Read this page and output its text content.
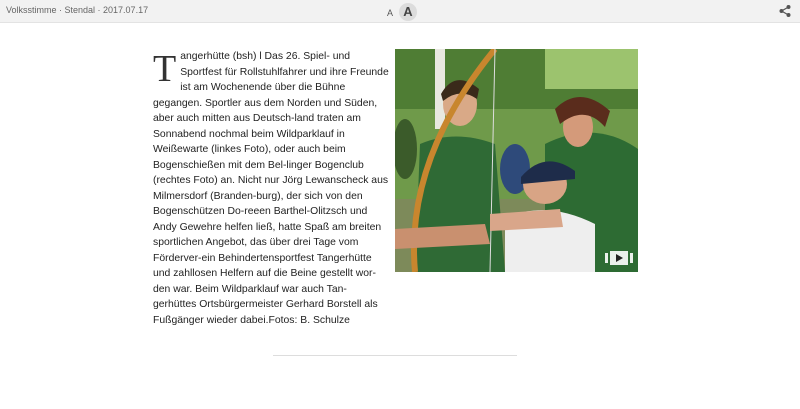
Volksstimme · Stendal · 2017.07.17	A A
Tangerhütte (bsh) l Das 26. Spiel- und Sportfest für Rollstuhlfahrer und ihre Freunde ist am Wochenende über die Bühne gegangen. Sportler aus dem Norden und Süden, aber auch mitten aus Deutsch-land traten am Sonnabend nochmal beim Wildparklauf in Weißewarte (linkes Foto), oder auch beim Bogenschießen mit dem Bel-linger Bogenclub (rechtes Foto) an. Nicht nur Jörg Lewanscheck aus Milmersdorf (Branden-burg), der sich von den Bogenschützen Do-reeen Barthel-Olitzsch und Andy Gewehre helfen ließ, hatte Spaß am breiten sportlichen Angebot, das über drei Tage vom Förderver-ein Behindertensportfest Tangerhütte und zahllosen Helfern auf die Beine gestellt wor-den war. Beim Wildparklauf war auch Tan-gerhüttes Ortsbürgermeister Gerhard Borstell als Fußgänger wieder dabei.Fotos: B. Schulze
